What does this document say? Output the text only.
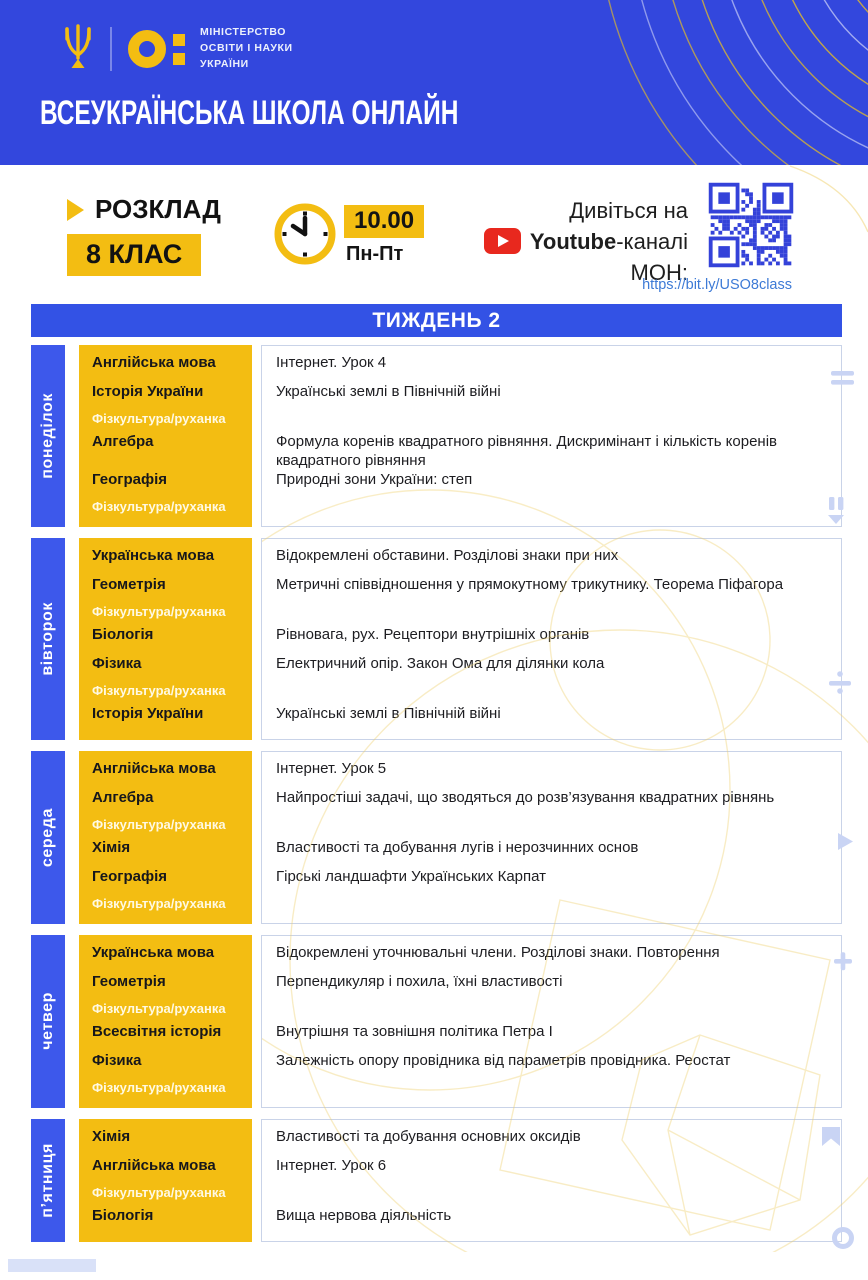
МІНІСТЕРСТВО
ОСВІТИ І НАУКИ
УКРАЇНИ
ВСЕУКРАЇНСЬКА ШКОЛА ОНЛАЙН
РОЗКЛАД
8 КЛАС
10.00
Пн-Пт
Дивіться на
Youtube-каналі
МОН:
https://bit.ly/USO8class
ТИЖДЕНЬ 2
понеділок
Англійська мова	Інтернет. Урок 4
Історія України	Українські землі в Північній війні
Фізкультура/руханка
Алгебра	Формула коренів квадратного рівняння. Дискримінант і кількість коренів квадратного рівняння
Географія	Природні зони України: степ
Фізкультура/руханка
вівторок
Українська мова	Відокремлені обставини. Розділові знаки при них
Геометрія	Метричні співвідношення у прямокутному трикутнику. Теорема Піфагора
Фізкультура/руханка
Біологія	Рівновага, рух. Рецептори внутрішніх органів
Фізика	Електричний опір. Закон Ома для ділянки кола
Фізкультура/руханка
Історія України	Українські землі в Північній війні
середа
Англійська мова	Інтернет. Урок 5
Алгебра	Найпростіші задачі, що зводяться до розв’язування квадратних рівнянь
Фізкультура/руханка
Хімія	Властивості та добування лугів і нерозчинних основ
Географія	Гірські ландшафти Українських Карпат
Фізкультура/руханка
четвер
Українська мова	Відокремлені уточнювальні члени. Розділові знаки. Повторення
Геометрія	Перпендикуляр і похила, їхні властивості
Фізкультура/руханка
Всесвітня історія	Внутрішня та зовнішня політика Петра І
Фізика	Залежність опору провідника від параметрів провідника. Реостат
Фізкультура/руханка
п’ятниця
Хімія	Властивості та добування основних оксидів
Англійська мова	Інтернет. Урок 6
Фізкультура/руханка
Біологія	Вища нервова діяльність
